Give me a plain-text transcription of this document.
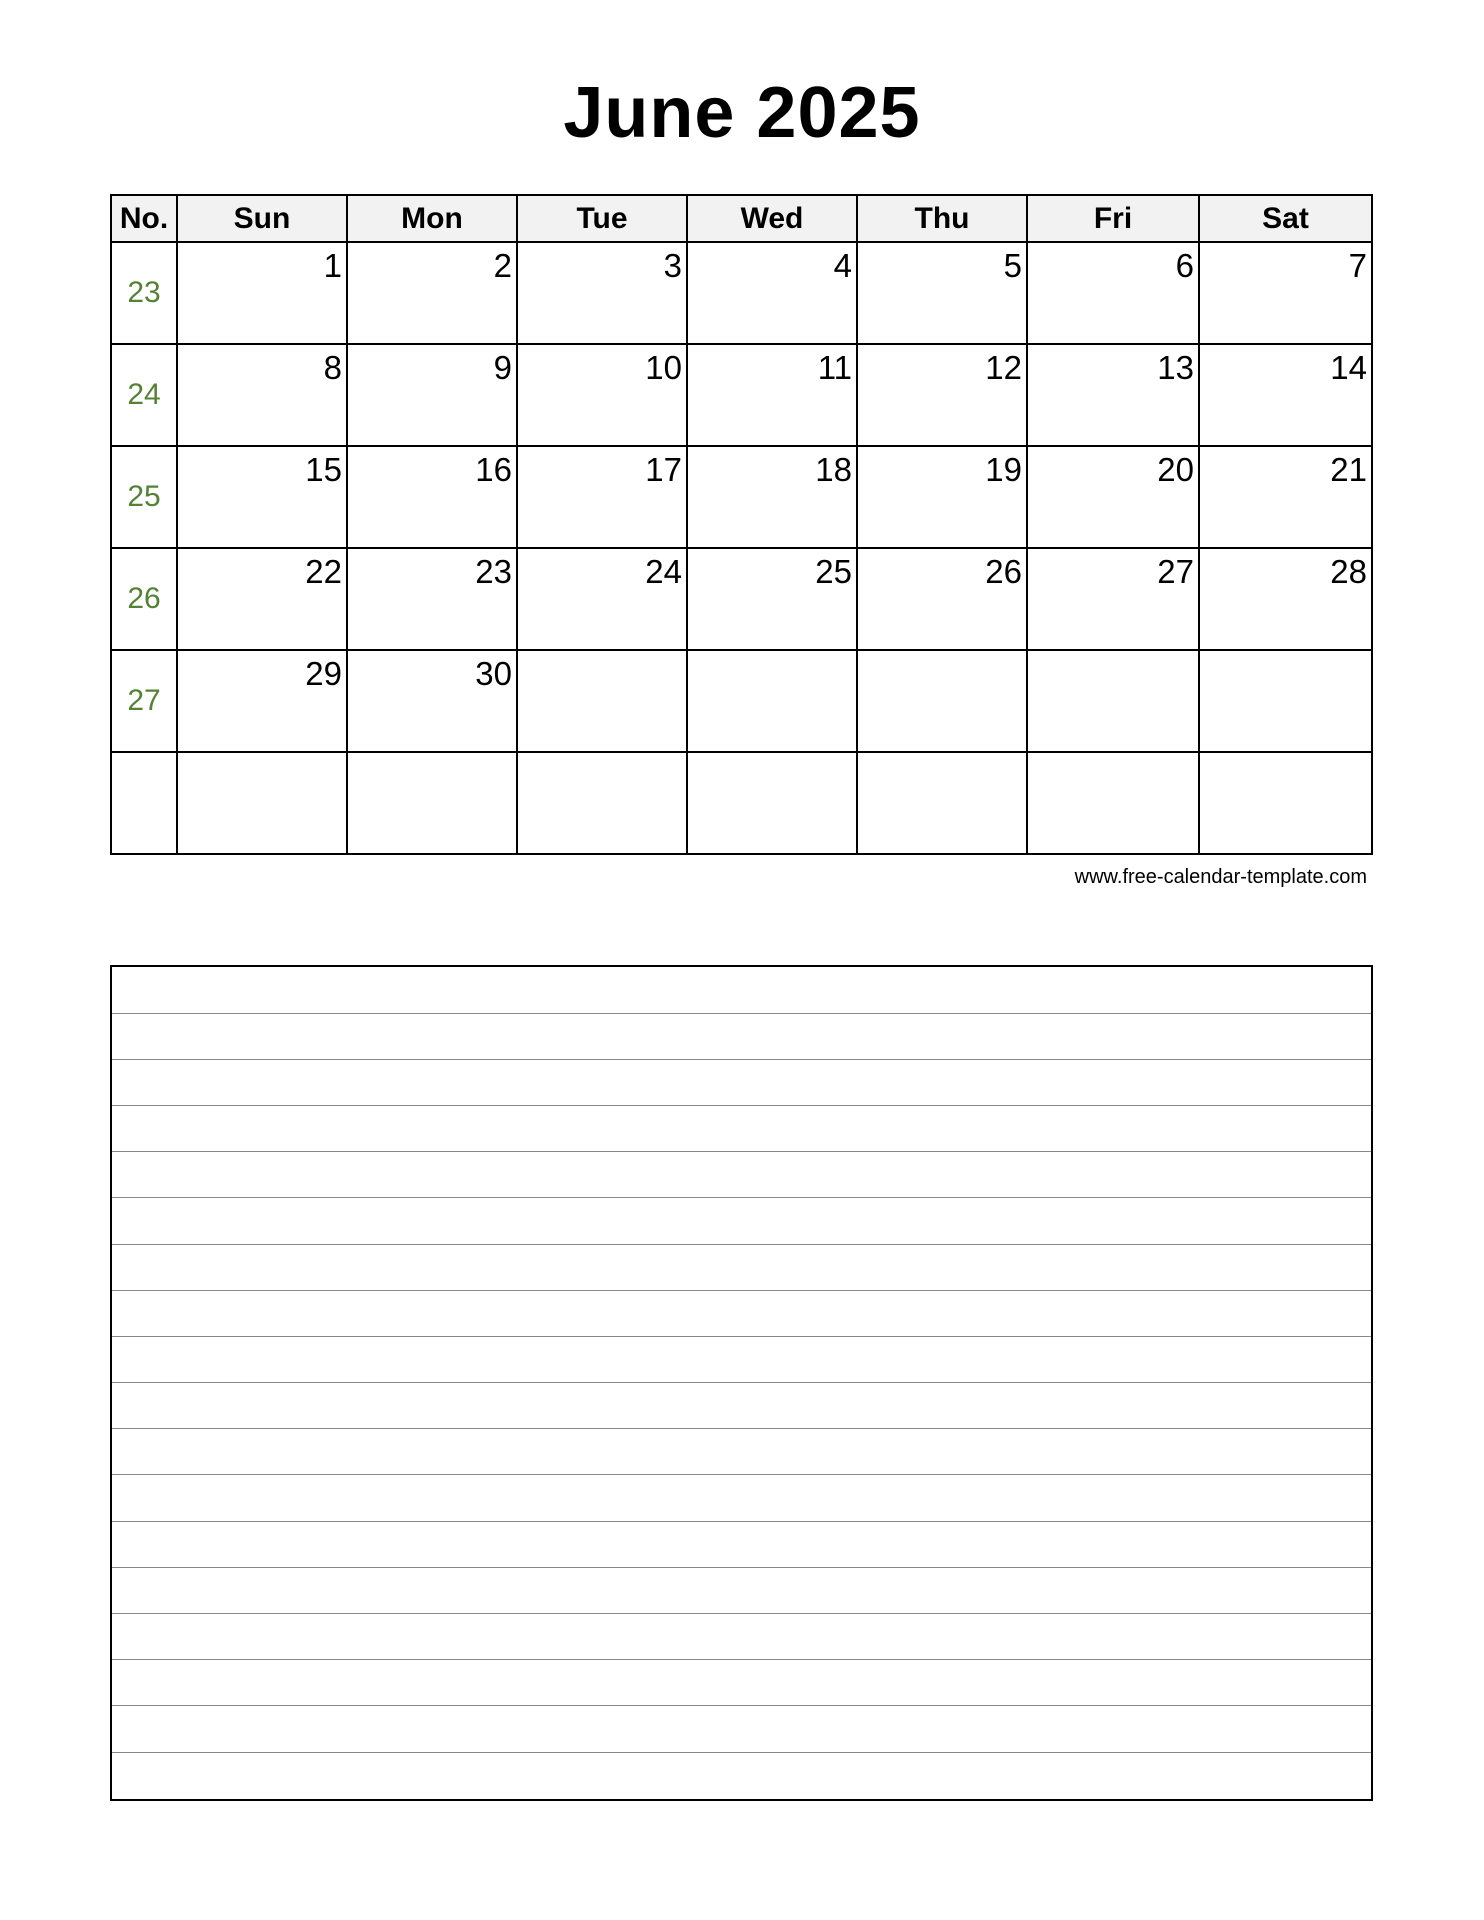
June 2025
No.	Sun	Mon	Tue	Wed	Thu	Fri	Sat
23	1	2	3	4	5	6	7

24	8	9	10	11	12	13	14

25	15	16	17	18	19	20	21

26	22	23	24	25	26	27	28

27	29	30					

www.free-calendar-template.com
